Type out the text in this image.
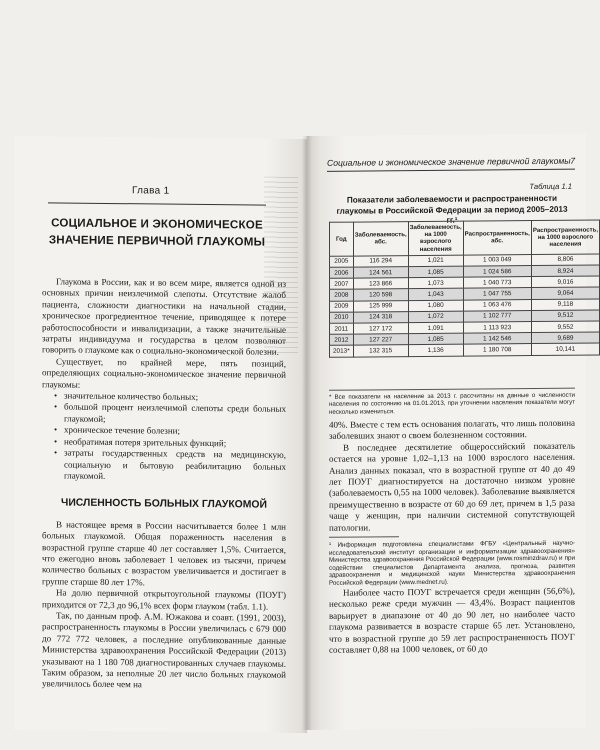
Глава 1
СОЦИАЛЬНОЕ И ЭКОНОМИЧЕСКОЕ ЗНАЧЕНИЕ ПЕРВИЧНОЙ ГЛАУКОМЫ

Глаукома в России, как и во всем мире, является одной из основных причин неизлечимой слепоты. Отсутствие жалоб пациента, сложности диагностики на начальной стадии, хроническое прогредиентное течение, приводящее к потере работоспособности и инвалидизации, а также значительные затраты индивидуума и государства в целом позволяют говорить о глаукоме как о социально-экономической болезни.

Существует, по крайней мере, пять позиций, определяющих социально-экономическое значение первичной глаукомы:

• значительное количество больных;
• большой процент неизлечимой слепоты среди больных глаукомой;
• хроническое течение болезни;
• необратимая потеря зрительных функций;
• затраты государственных средств на медицинскую, социальную и бытовую реабилитацию больных глаукомой.
ЧИСЛЕННОСТЬ БОЛЬНЫХ ГЛАУКОМОЙ

В настоящее время в России насчитывается более 1 млн больных глаукомой. Общая пораженность населения в возрастной группе старше 40 лет составляет 1,5%. Считается, что ежегодно вновь заболевает 1 человек из тысячи, причем количество больных с возрастом увеличивается и достигает в группе старше 80 лет 17%.

На долю первичной открытоугольной глаукомы (ПОУГ) приходится от 72,3 до 96,1% всех форм глауком (табл. 1.1).

Так, по данным проф. А.М. Южакова и соавт. (1991, 2003), распространенность глаукомы в России увеличилась с 679 000 до 772 772 человек, а последние опубликованные данные Министерства здравоохранения Российской Федерации (2013) указывают на 1 180 708 диагностированных случаев глаукомы. Таким образом, за неполные 20 лет число больных глаукомой увеличилось более чем на

Социальное и экономическое значение первичной глаукомы 7
Таблица 1.1
Показатели заболеваемости и распространенности глаукомы в Российской Федерации за период 2005–2013 гг.¹
Год	Заболеваемость, абс.	Заболеваемость, на 1000 взрослого населения	Распространенность, абс.	Распространенность, на 1000 взрослого населения
2005	116 294	1,021	1 003 049	8,806
2006	124 561	1,085	1 024 586	8,924
2007	123 866	1,073	1 040 773	9,016
2008	120 598	1,043	1 047 755	9,064
2009	125 999	1,080	1 063 476	9,118
2010	124 318	1,072	1 102 777	9,512
2011	127 172	1,091	1 113 923	9,552
2012	127 227	1,085	1 142 546	9,689
2013*	132 315	1,136	1 180 708	10,141
* Все показатели на население за 2013 г. рассчитаны на данные о численности населения по состоянию на 01.01.2013, при уточнении населения показатели могут несколько измениться.

40%. Вместе с тем есть основания полагать, что лишь половина заболевших знают о своем болезненном состоянии.

В последнее десятилетие общероссийский показатель остается на уровне 1,02–1,13 на 1000 взрослого населения. Анализ данных показал, что в возрастной группе от 40 до 49 лет ПОУГ диагностируется на достаточно низком уровне (заболеваемость 0,55 на 1000 человек). Заболевание выявляется преимущественно в возрасте от 60 до 69 лет, причем в 1,5 раза чаще у женщин, при наличии системной сопутствующей патологии.

¹ Информация подготовлена специалистами ФГБУ «Центральный научно-исследовательский институт организации и информатизации здравоохранения» Министерства здравоохранения Российской Федерации (www.rosminzdrav.ru) и при содействии специалистов Департамента анализа, прогноза, развития здравоохранения и медицинской науки Министерства здравоохранения Российской Федерации (www.mednet.ru).

Наиболее часто ПОУГ встречается среди женщин (56,6%), несколько реже среди мужчин — 43,4%. Возраст пациентов варьирует в диапазоне от 40 до 90 лет, но наиболее часто глаукома развивается в возрасте старше 65 лет. Установлено, что в возрастной группе до 59 лет распространенность ПОУГ составляет 0,88 на 1000 человек, от 60 до
